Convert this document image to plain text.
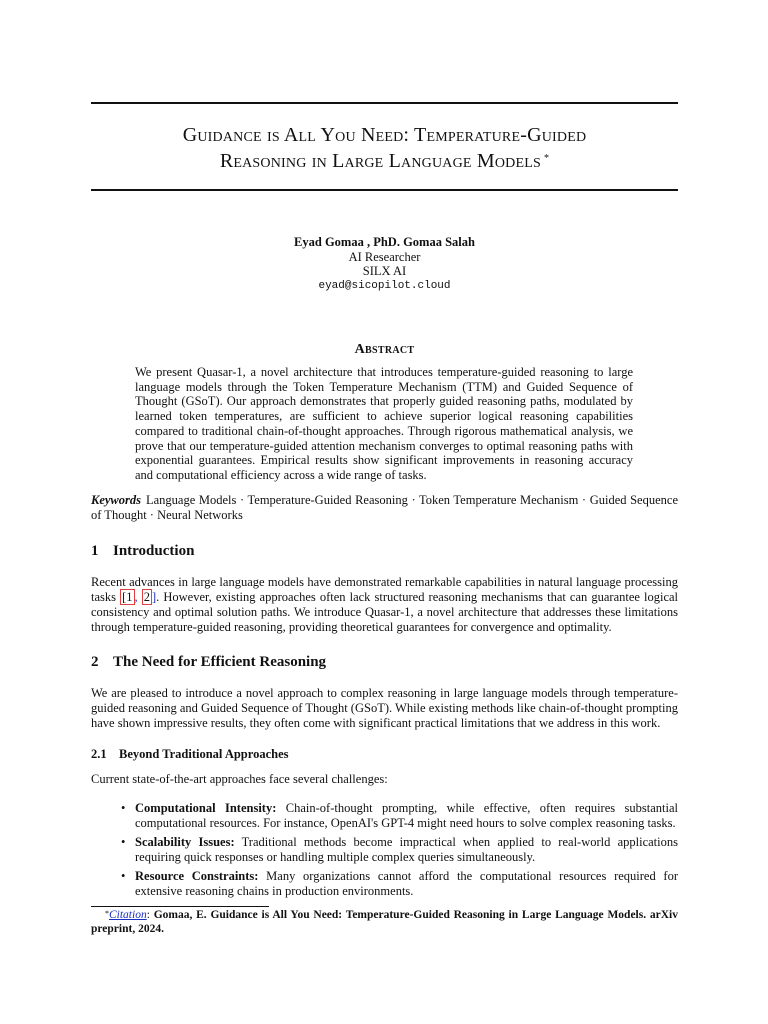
Guidance is All You Need: Temperature-Guided
Reasoning in Large Language Models *
Eyad Gomaa , PhD. Gomaa Salah
AI Researcher
SILX AI
eyad@sicopilot.cloud
Abstract
We present Quasar-1, a novel architecture that introduces temperature-guided reasoning to large language models through the Token Temperature Mechanism (TTM) and Guided Sequence of Thought (GSoT). Our approach demonstrates that properly guided reasoning paths, modulated by learned token temperatures, are sufficient to achieve superior logical reasoning capabilities compared to traditional chain-of-thought approaches. Through rigorous mathematical analysis, we prove that our temperature-guided attention mechanism converges to optimal reasoning paths with exponential guarantees. Empirical results show significant improvements in reasoning accuracy and computational efficiency across a wide range of tasks.
Keywords Language Models · Temperature-Guided Reasoning · Token Temperature Mechanism · Guided Sequence of Thought · Neural Networks
1 Introduction
Recent advances in large language models have demonstrated remarkable capabilities in natural language processing tasks [1 , 2 ]. However, existing approaches often lack structured reasoning mechanisms that can guarantee logical consistency and optimal solution paths. We introduce Quasar-1, a novel architecture that addresses these limitations through temperature-guided reasoning, providing theoretical guarantees for convergence and optimality.
2 The Need for Efficient Reasoning
We are pleased to introduce a novel approach to complex reasoning in large language models through temperature-guided reasoning and Guided Sequence of Thought (GSoT). While existing methods like chain-of-thought prompting have shown impressive results, they often come with significant practical limitations that we address in this work.
2.1 Beyond Traditional Approaches
Current state-of-the-art approaches face several challenges:
• Computational Intensity: Chain-of-thought prompting, while effective, often requires substantial computational resources. For instance, OpenAI's GPT-4 might need hours to solve complex reasoning tasks.
• Scalability Issues: Traditional methods become impractical when applied to real-world applications requiring quick responses or handling multiple complex queries simultaneously.
• Resource Constraints: Many organizations cannot afford the computational resources required for extensive reasoning chains in production environments.
*Citation: Gomaa, E. Guidance is All You Need: Temperature-Guided Reasoning in Large Language Models. arXiv preprint, 2024.
